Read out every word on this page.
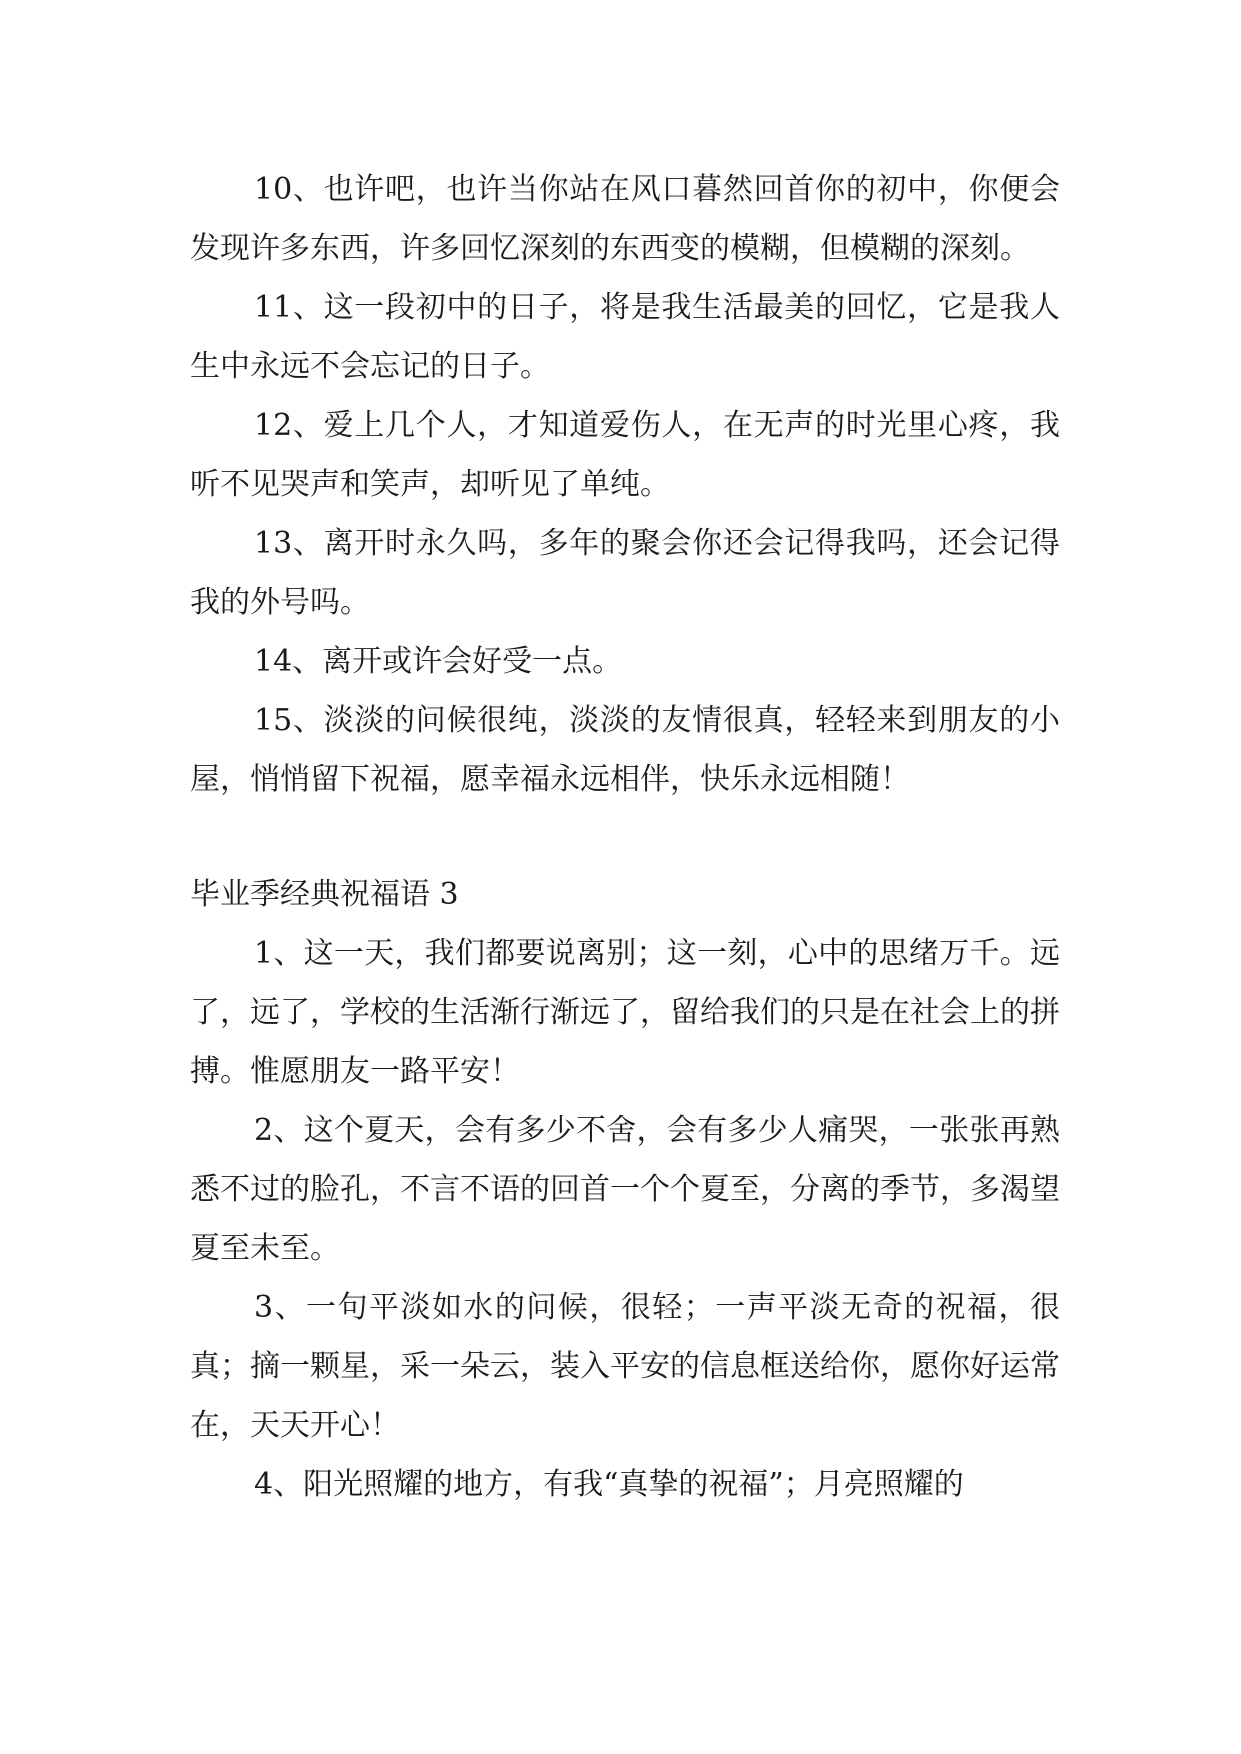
10、也许吧，也许当你站在风口暮然回首你的初中，你便会发现许多东西，许多回忆深刻的东西变的模糊，但模糊的深刻。

11、这一段初中的日子，将是我生活最美的回忆，它是我人生中永远不会忘记的日子。

12、爱上几个人，才知道爱伤人，在无声的时光里心疼，我听不见哭声和笑声，却听见了单纯。

13、离开时永久吗，多年的聚会你还会记得我吗，还会记得我的外号吗。

14、离开或许会好受一点。

15、淡淡的问候很纯，淡淡的友情很真，轻轻来到朋友的小屋，悄悄留下祝福，愿幸福永远相伴，快乐永远相随！

毕业季经典祝福语 3

1、这一天，我们都要说离别；这一刻，心中的思绪万千。远了，远了，学校的生活渐行渐远了，留给我们的只是在社会上的拼搏。惟愿朋友一路平安！

2、这个夏天，会有多少不舍，会有多少人痛哭，一张张再熟悉不过的脸孔，不言不语的回首一个个夏至，分离的季节，多渴望夏至未至。

3、一句平淡如水的问候，很轻；一声平淡无奇的祝福，很真；摘一颗星，采一朵云，装入平安的信息框送给你，愿你好运常在，天天开心！

4、阳光照耀的地方，有我“真挚的祝福”；月亮照耀的
